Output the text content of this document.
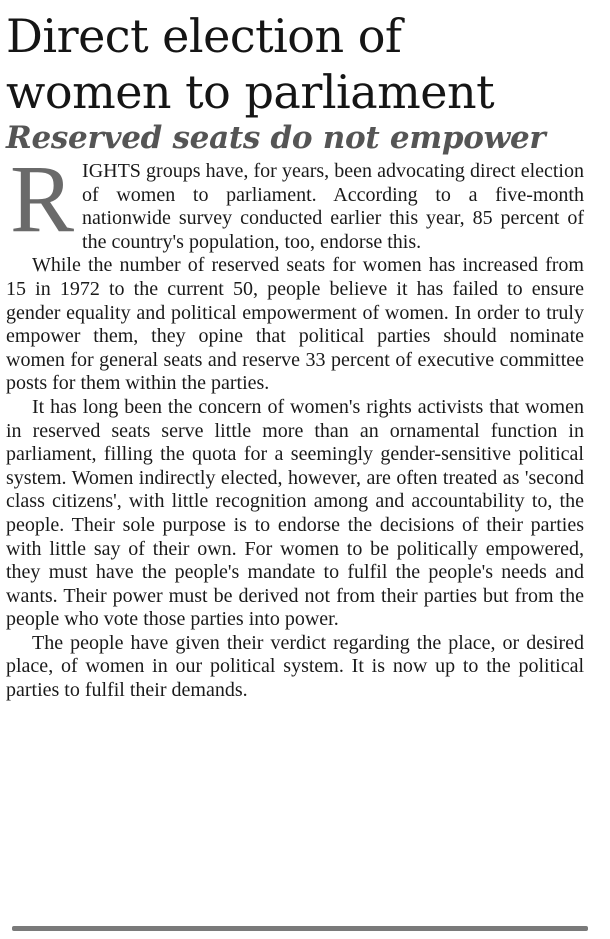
Direct election of
women to parliament
Reserved seats do not empower

RIGHTS groups have, for years, been advocating direct election of women to parliament. According to a five-month nationwide survey conducted earlier this year, 85 percent of the country's population, too, endorse this.

While the number of reserved seats for women has increased from 15 in 1972 to the current 50, people believe it has failed to ensure gender equality and political empowerment of women. In order to truly empower them, they opine that political parties should nominate women for general seats and reserve 33 percent of executive committee posts for them within the parties.

It has long been the concern of women's rights activists that women in reserved seats serve little more than an ornamental function in parliament, filling the quota for a seemingly gender-sensitive political system. Women indirectly elected, however, are often treated as 'second class citizens', with little recognition among and accountability to, the people. Their sole purpose is to endorse the decisions of their parties with little say of their own. For women to be politically empowered, they must have the people's mandate to fulfil the people's needs and wants. Their power must be derived not from their parties but from the people who vote those parties into power.

The people have given their verdict regarding the place, or desired place, of women in our political system. It is now up to the political parties to fulfil their demands.
